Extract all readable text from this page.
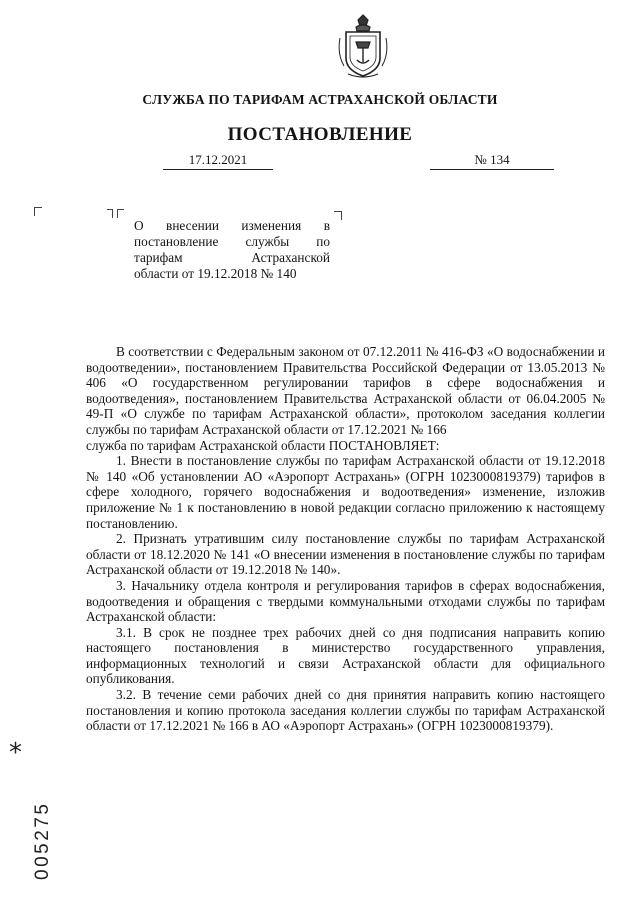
СЛУЖБА ПО ТАРИФАМ АСТРАХАНСКОЙ ОБЛАСТИ
ПОСТАНОВЛЕНИЕ
17.12.2021	№ 134
О внесении изменения в
постановление службы по
тарифам Астраханской
области от 19.12.2018 № 140

В соответствии с Федеральным законом от 07.12.2011 № 416-ФЗ «О водоснабжении и водоотведении», постановлением Правительства Российской Федерации от 13.05.2013 № 406 «О государственном регулировании тарифов в сфере водоснабжения и водоотведения», постановлением Правительства Астраханской области от 06.04.2005 № 49-П «О службе по тарифам Астраханской области», протоколом заседания коллегии службы по тарифам Астраханской области от 17.12.2021 № 166

служба по тарифам Астраханской области ПОСТАНОВЛЯЕТ:

1. Внести в постановление службы по тарифам Астраханской области от 19.12.2018 № 140 «Об установлении АО «Аэропорт Астрахань» (ОГРН 1023000819379) тарифов в сфере холодного, горячего водоснабжения и водоотведения» изменение, изложив приложение № 1 к постановлению в новой редакции согласно приложению к настоящему постановлению.

2. Признать утратившим силу постановление службы по тарифам Астраханской области от 18.12.2020 № 141 «О внесении изменения в постановление службы по тарифам Астраханской области от 19.12.2018 № 140».

3. Начальнику отдела контроля и регулирования тарифов в сферах водоснабжения, водоотведения и обращения с твердыми коммунальными отходами службы по тарифам Астраханской области:

3.1. В срок не позднее трех рабочих дней со дня подписания направить копию настоящего постановления в министерство государственного управления, информационных технологий и связи Астраханской области для официального опубликования.

3.2. В течение семи рабочих дней со дня принятия направить копию настоящего постановления и копию протокола заседания коллегии службы по тарифам Астраханской области от 17.12.2021 № 166 в АО «Аэропорт Астрахань» (ОГРН 1023000819379).

*
005275
